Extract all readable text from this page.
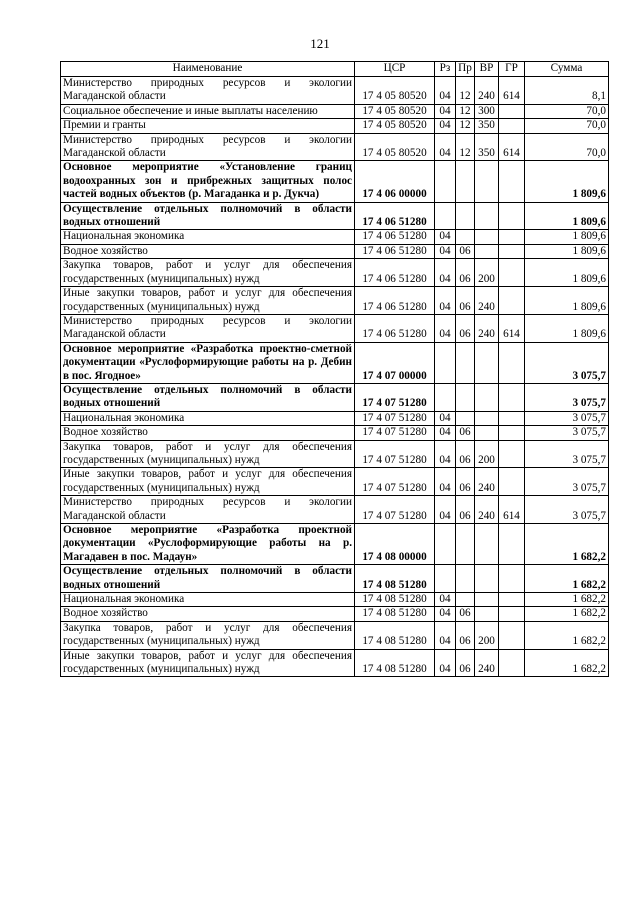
121
Наименование	ЦСР	Рз	Пр	ВР	ГР	Сумма
Министерство природных ресурсов и экологии Магаданской области	17 4 05 80520	04	12	240	614	8,1
Социальное обеспечение и иные выплаты населению	17 4 05 80520	04	12	300		70,0
Премии и гранты	17 4 05 80520	04	12	350		70,0
Министерство природных ресурсов и экологии Магаданской области	17 4 05 80520	04	12	350	614	70,0
Основное мероприятие «Установление границ водоохранных зон и прибрежных защитных полос частей водных объектов (р. Магаданка и р. Дукча)	17 4 06 00000					1 809,6
Осуществление отдельных полномочий в области водных отношений	17 4 06 51280					1 809,6
Национальная экономика	17 4 06 51280	04				1 809,6
Водное хозяйство	17 4 06 51280	04	06			1 809,6
Закупка товаров, работ и услуг для обеспечения государственных (муниципальных) нужд	17 4 06 51280	04	06	200		1 809,6
Иные закупки товаров, работ и услуг для обеспечения государственных (муниципальных) нужд	17 4 06 51280	04	06	240		1 809,6
Министерство природных ресурсов и экологии Магаданской области	17 4 06 51280	04	06	240	614	1 809,6
Основное мероприятие «Разработка проектно-сметной документации «Руслоформирующие работы на р. Дебин в пос. Ягодное»	17 4 07 00000					3 075,7
Осуществление отдельных полномочий в области водных отношений	17 4 07 51280					3 075,7
Национальная экономика	17 4 07 51280	04				3 075,7
Водное хозяйство	17 4 07 51280	04	06			3 075,7
Закупка товаров, работ и услуг для обеспечения государственных (муниципальных) нужд	17 4 07 51280	04	06	200		3 075,7
Иные закупки товаров, работ и услуг для обеспечения государственных (муниципальных) нужд	17 4 07 51280	04	06	240		3 075,7
Министерство природных ресурсов и экологии Магаданской области	17 4 07 51280	04	06	240	614	3 075,7
Основное мероприятие «Разработка проектной документации «Руслоформирующие работы на р. Магадавен в пос. Мадаун»	17 4 08 00000					1 682,2
Осуществление отдельных полномочий в области водных отношений	17 4 08 51280					1 682,2
Национальная экономика	17 4 08 51280	04				1 682,2
Водное хозяйство	17 4 08 51280	04	06			1 682,2
Закупка товаров, работ и услуг для обеспечения государственных (муниципальных) нужд	17 4 08 51280	04	06	200		1 682,2
Иные закупки товаров, работ и услуг для обеспечения государственных (муниципальных) нужд	17 4 08 51280	04	06	240		1 682,2
